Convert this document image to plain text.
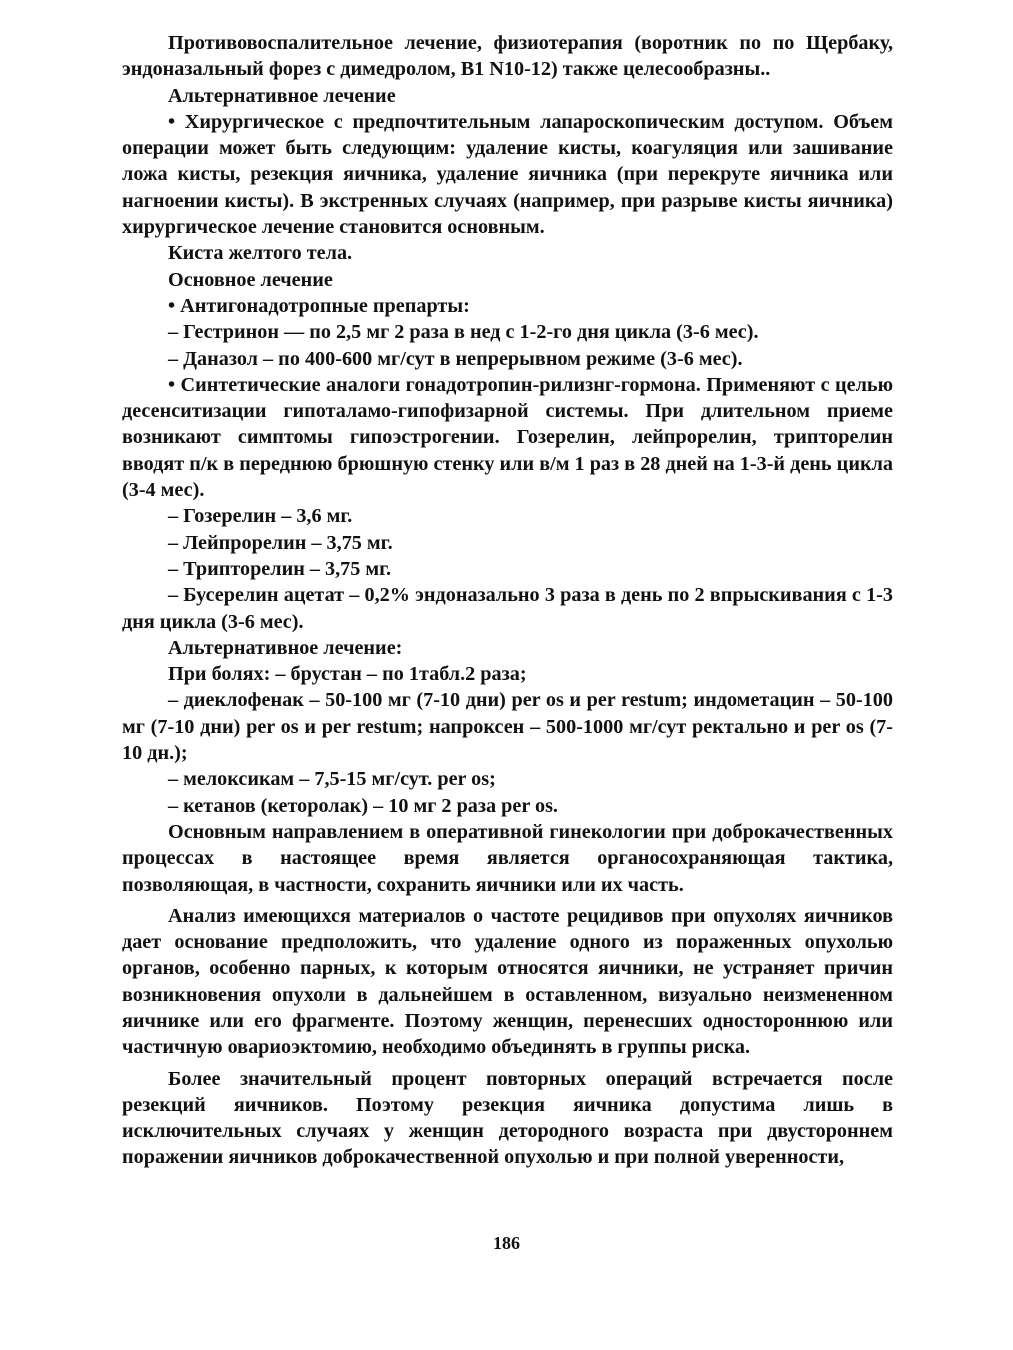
Противовоспалительное лечение, физиотерапия (воротник по по Щербаку, эндоназальный форез с димедролом, B1 N10-12) также целесообразны..

Альтернативное лечение

• Хирургическое с предпочтительным лапароскопическим доступом. Объем операции может быть следующим: удаление кисты, коагуляция или зашивание ложа кисты, резекция яичника, удаление яичника (при перекруте яичника или нагноении кисты). В экстренных случаях (например, при разрыве кисты яичника) хирургическое лечение становится основным.

Киста желтого тела.

Основное лечение

• Антигонадотропные препарты:

– Гестринон — по 2,5 мг 2 раза в нед с 1-2-го дня цикла (3-6 мес).

– Даназол – по 400-600 мг/сут в непрерывном режиме (3-6 мес).

• Синтетические аналоги гонадотропин-рилизнг-гормона. Применяют с целью десенситизации гипоталамо-гипофизарной системы. При длительном приеме возникают симптомы гипоэстрогении. Гозерелин, лейпрорелин, трипторелин вводят п/к в переднюю брюшную стенку или в/м 1 раз в 28 дней на 1-3-й день цикла (3-4 мес).

– Гозерелин – 3,6 мг.

– Лейпрорелин – 3,75 мг.

– Трипторелин – 3,75 мг.

– Бусерелин ацетат – 0,2% эндоназально 3 раза в день по 2 впрыскивания с 1-3 дня цикла (3-6 мес).

Альтернативное лечение:

При болях: – брустан – по 1табл.2 раза;

– диеклофенак – 50-100 мг (7-10 дни) per os и per restum; индометацин – 50-100 мг (7-10 дни) per os и per restum; напроксен – 500-1000 мг/сут ректально и per os (7-10 дн.);

– мелоксикам – 7,5-15 мг/сут. per os;

– кетанов (кеторолак) – 10 мг 2 раза per os.

Основным направлением в оперативной гинекологии при доброкачественных процессах в настоящее время является органосохраняющая тактика, позволяющая, в частности, сохранить яичники или их часть.

Анализ имеющихся материалов о частоте рецидивов при опухолях яичников дает основание предположить, что удаление одного из пораженных опухолью органов, особенно парных, к которым относятся яичники, не устраняет причин возникновения опухоли в дальнейшем в оставленном, визуально неизмененном яичнике или его фрагменте. Поэтому женщин, перенесших одностороннюю или частичную овариоэктомию, необходимо объединять в группы риска.

Более значительный процент повторных операций встречается после резекций яичников. Поэтому резекция яичника допустима лишь в исключительных случаях у женщин детородного возраста при двустороннем поражении яичников доброкачественной опухолью и при полной уверенности,

186
